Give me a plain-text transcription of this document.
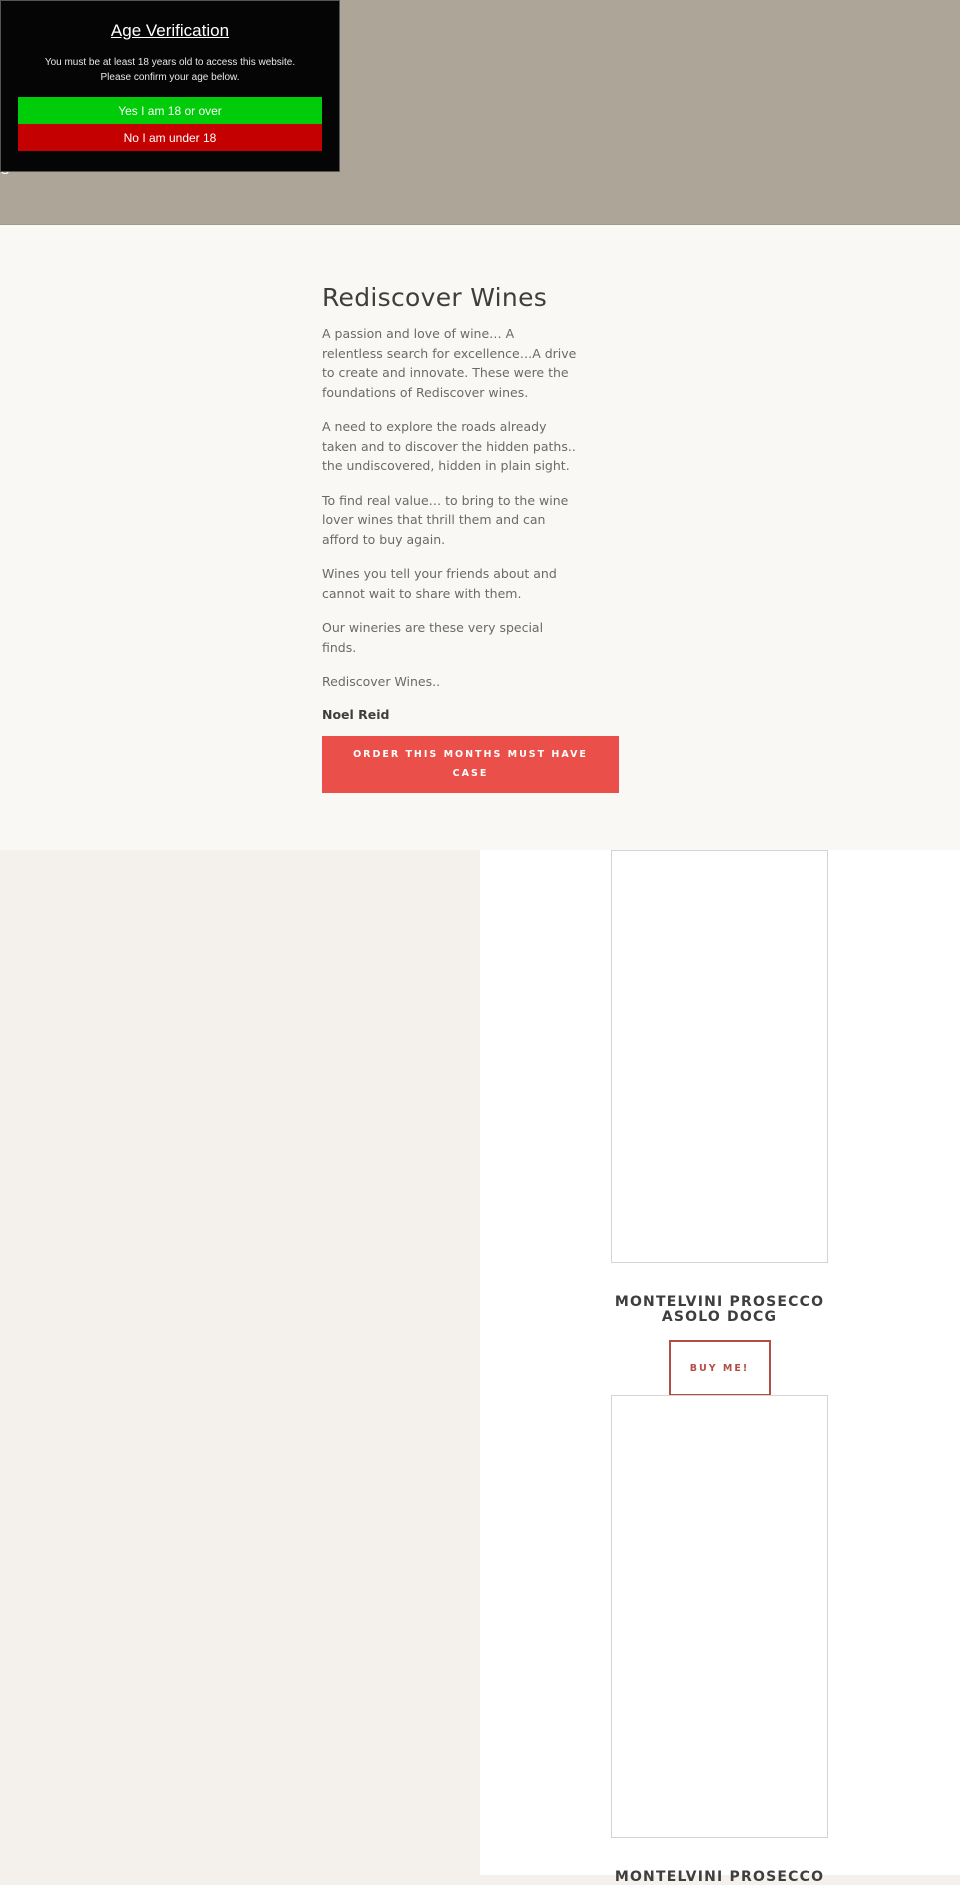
Age Verification

You must be at least 18 years old to access this website. Please confirm your age below.

Yes I am 18 or over
No I am under 18
Rediscover Wines

A passion and love of wine… A relentless search for excellence…A drive to create and innovate. These were the foundations of Rediscover wines.

A need to explore the roads already taken and to discover the hidden paths.. the undiscovered, hidden in plain sight.

To find real value… to bring to the wine lover wines that thrill them and can afford to buy again.

Wines you tell your friends about and cannot wait to share with them.

Our wineries are these very special finds.

Rediscover Wines..

Noel Reid

ORDER THIS MONTHS MUST HAVE CASE
MONTELVINI PROSECCO ASOLO DOCG
BUY ME!
MONTELVINI PROSECCO
